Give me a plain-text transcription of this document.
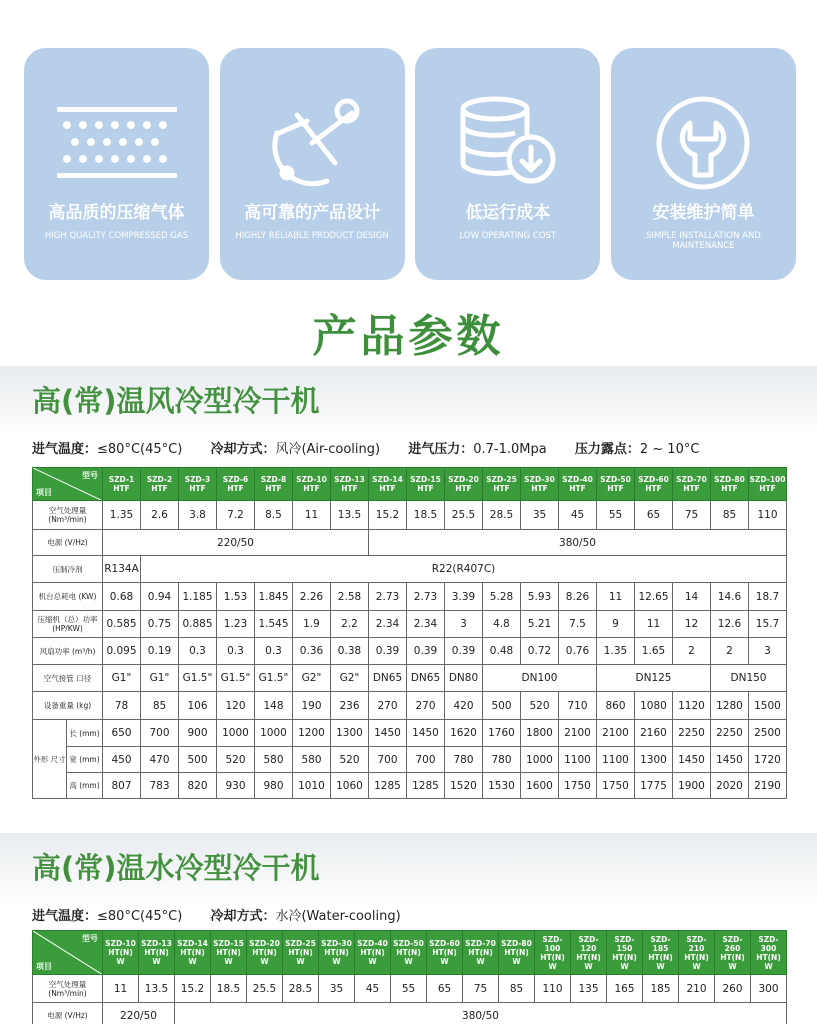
高品质的压缩气体
HIGH QUALITY COMPRESSED GAS
高可靠的产品设计
HIGHLY RELIABLE PRODUCT DESIGN
低运行成本
LOW OPERATING COST
安装维护简单
SIMPLE INSTALLATION AND MAINTENANCE
产品参数
高(常)温风冷型冷干机
进气温度：≤80°C(45°C) 冷却方式：风冷(Air-cooling) 进气压力：0.7-1.0Mpa 压力露点：2 ~ 10°C
型号
项目		SZD-1 HTF	SZD-2 HTF	SZD-3 HTF	SZD-6 HTF	SZD-8 HTF	SZD-10 HTF	SZD-13 HTF	SZD-14 HTF	SZD-15 HTF	SZD-20 HTF	SZD-25 HTF	SZD-30 HTF	SZD-40 HTF	SZD-50 HTF	SZD-60 HTF	SZD-70 HTF	SZD-80 HTF	SZD-100 HTF
空气处理量 (Nm³/min)		1.35	2.6	3.8	7.2	8.5	11	13.5	15.2	18.5	25.5	28.5	35	45	55	65	75	85	110
电源 (V/Hz)		220/50							380/50										
压制冷剂		R134A	R22(R407C)																
机台总耗电 (KW)		0.68	0.94	1.185	1.53	1.845	2.26	2.58	2.73	2.73	3.39	5.28	5.93	8.26	11	12.65	14	14.6	18.7
压缩机（总）功率 (HP/KW)		0.585	0.75	0.885	1.23	1.545	1.9	2.2	2.34	2.34	3	4.8	5.21	7.5	9	11	12	12.6	15.7
风扇功率 (m³/h)		0.095	0.19	0.3	0.3	0.3	0.36	0.38	0.39	0.39	0.39	0.48	0.72	0.76	1.35	1.65	2	2	3
空气接管 口径		G1"	G1"	G1.5"	G1.5"	G1.5"	G2"	G2"	DN65	DN65	DN80	DN100			DN125			DN150	
设备重量 (kg)		78	85	106	120	148	190	236	270	270	420	500	520	710	860	1080	1120	1280	1500
外形 尺寸	长 (mm)	650	700	900	1000	1000	1200	1300	1450	1450	1620	1760	1800	2100	2100	2160	2250	2250	2500
	宽 (mm)	450	470	500	520	580	580	520	700	700	780	780	1000	1100	1100	1300	1450	1450	1720
	高 (mm)	807	783	820	930	980	1010	1060	1285	1285	1520	1530	1600	1750	1750	1775	1900	2020	2190
高(常)温水冷型冷干机
进气温度：≤80°C(45°C) 冷却方式：水冷(Water-cooling)
型号
项目	SZD-10 HT(N) W	SZD-13 HT(N) W	SZD-14 HT(N) W	SZD-15 HT(N) W	SZD-20 HT(N) W	SZD-25 HT(N) W	SZD-30 HT(N) W	SZD-40 HT(N) W	SZD-50 HT(N) W	SZD-60 HT(N) W	SZD-70 HT(N) W	SZD-80 HT(N) W	SZD-100 HT(N) W	SZD-120 HT(N) W	SZD-150 HT(N) W	SZD-185 HT(N) W	SZD-210 HT(N) W	SZD-260 HT(N) W	SZD-300 HT(N) W
空气处理量 (Nm³/min)	11	13.5	15.2	18.5	25.5	28.5	35	45	55	65	75	85	110	135	165	185	210	260	300
电源 (V/Hz)	220/50		380/50																
